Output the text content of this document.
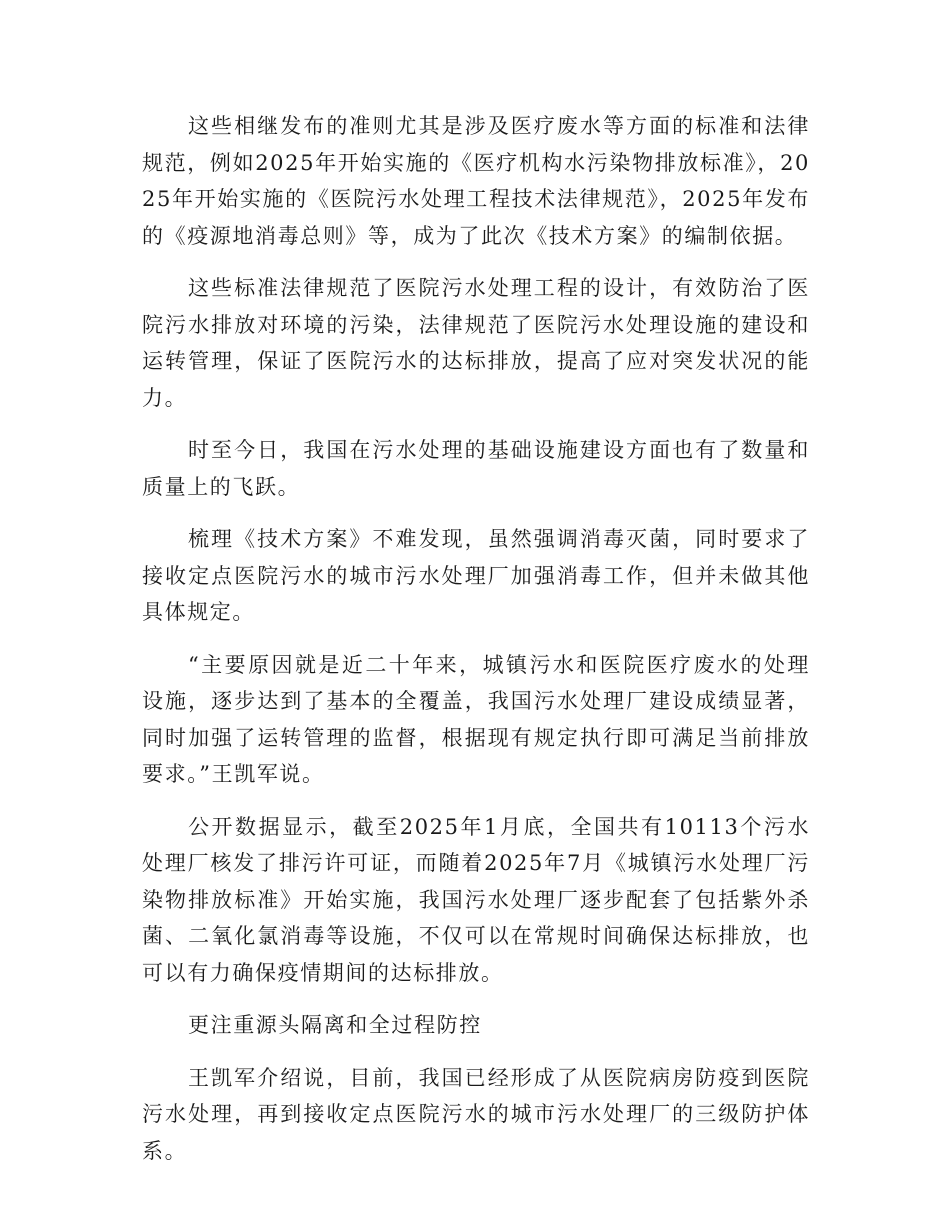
这些相继发布的准则尤其是涉及医疗废水等方面的标准和法律规范，例如2025年开始实施的《医疗机构水污染物排放标准》，2025年开始实施的《医院污水处理工程技术法律规范》，2025年发布的《疫源地消毒总则》等，成为了此次《技术方案》的编制依据。

这些标准法律规范了医院污水处理工程的设计，有效防治了医院污水排放对环境的污染，法律规范了医院污水处理设施的建设和运转管理，保证了医院污水的达标排放，提高了应对突发状况的能力。

时至今日，我国在污水处理的基础设施建设方面也有了数量和质量上的飞跃。

梳理《技术方案》不难发现，虽然强调消毒灭菌，同时要求了接收定点医院污水的城市污水处理厂加强消毒工作，但并未做其他具体规定。

“主要原因就是近二十年来，城镇污水和医院医疗废水的处理设施，逐步达到了基本的全覆盖，我国污水处理厂建设成绩显著，同时加强了运转管理的监督，根据现有规定执行即可满足当前排放要求。”王凯军说。

公开数据显示，截至2025年1月底，全国共有10113个污水处理厂核发了排污许可证，而随着2025年7月《城镇污水处理厂污染物排放标准》开始实施，我国污水处理厂逐步配套了包括紫外杀菌、二氧化氯消毒等设施，不仅可以在常规时间确保达标排放，也可以有力确保疫情期间的达标排放。

更注重源头隔离和全过程防控

王凯军介绍说，目前，我国已经形成了从医院病房防疫到医院污水处理，再到接收定点医院污水的城市污水处理厂的三级防护体系。
